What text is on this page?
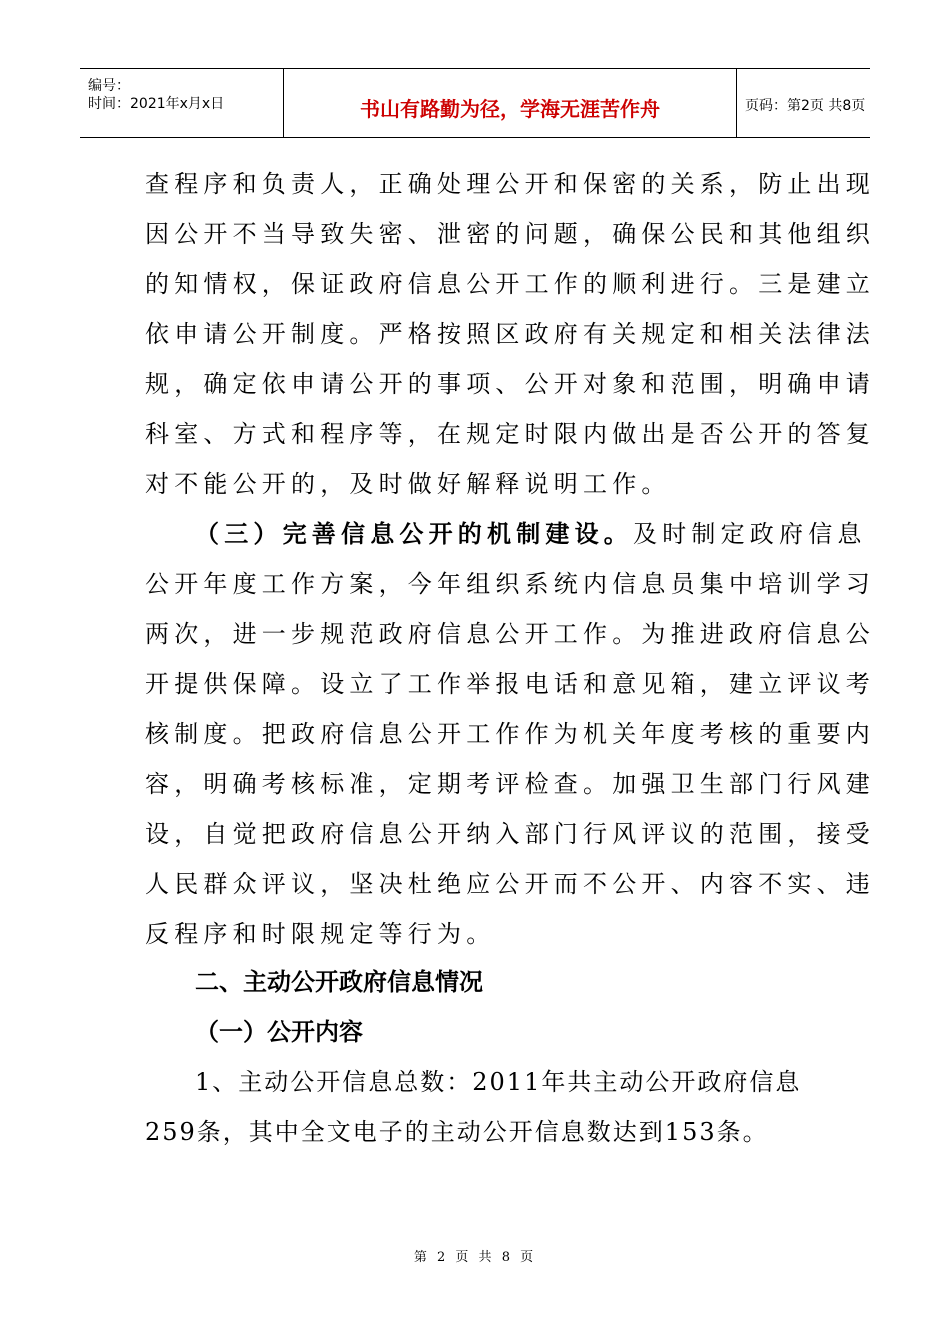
编号：
时间：2021年x月x日	书山有路勤为径，学海无涯苦作舟	页码：第2页 共8页
查程序和负责人，正确处理公开和保密的关系，防止出现
因公开不当导致失密、泄密的问题，确保公民和其他组织
的知情权，保证政府信息公开工作的顺利进行。三是建立
依申请公开制度。严格按照区政府有关规定和相关法律法
规，确定依申请公开的事项、公开对象和范围，明确申请
科室、方式和程序等，在规定时限内做出是否公开的答复
对不能公开的，及时做好解释说明工作。
（三）完善信息公开的机制建设。及时制定政府信息
公开年度工作方案，今年组织系统内信息员集中培训学习
两次，进一步规范政府信息公开工作。为推进政府信息公
开提供保障。设立了工作举报电话和意见箱，建立评议考
核制度。把政府信息公开工作作为机关年度考核的重要内
容，明确考核标准，定期考评检查。加强卫生部门行风建
设，自觉把政府信息公开纳入部门行风评议的范围，接受
人民群众评议，坚决杜绝应公开而不公开、内容不实、违
反程序和时限规定等行为。
二、主动公开政府信息情况
（一）公开内容
1、主动公开信息总数：2011年共主动公开政府信息
259条，其中全文电子的主动公开信息数达到153条。
第 2 页 共 8 页
